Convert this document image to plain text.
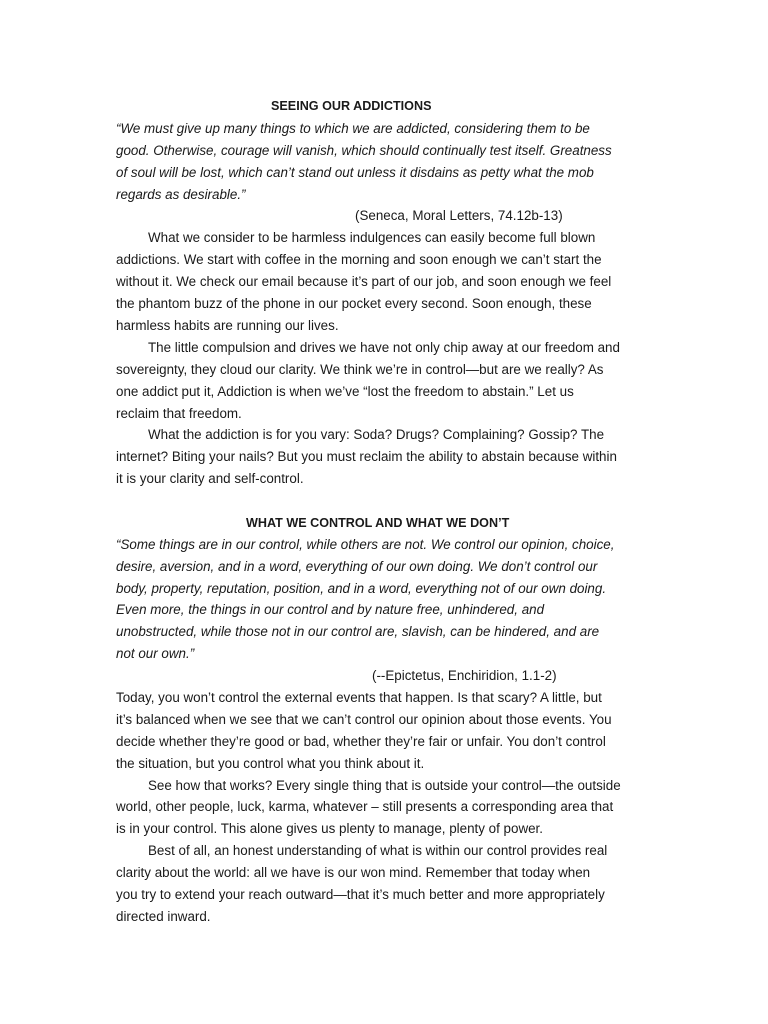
SEEING OUR ADDICTIONS

“We must give up many things to which we are addicted, considering them to be

good. Otherwise, courage will vanish, which should continually test itself. Greatness

of soul will be lost, which can’t stand out unless it disdains as petty what the mob

regards as desirable.”

(Seneca, Moral Letters, 74.12b-13)

What we consider to be harmless indulgences can easily become full blown

addictions. We start with coffee in the morning and soon enough we can’t start the

without it. We check our email because it’s part of our job, and soon enough we feel

the phantom buzz of the phone in our pocket every second. Soon enough, these

harmless habits are running our lives.

The little compulsion and drives we have not only chip away at our freedom and

sovereignty, they cloud our clarity. We think we’re in control—but are we really? As

one addict put it, Addiction is when we’ve “lost the freedom to abstain.” Let us

reclaim that freedom.

What the addiction is for you vary: Soda? Drugs? Complaining? Gossip? The

internet? Biting your nails? But you must reclaim the ability to abstain because within

it is your clarity and self-control.

WHAT WE CONTROL AND WHAT WE DON’T

“Some things are in our control, while others are not. We control our opinion, choice,

desire, aversion, and in a word, everything of our own doing. We don’t control our

body, property, reputation, position, and in a word, everything not of our own doing.

Even more, the things in our control and by nature free, unhindered, and

unobstructed, while those not in our control are, slavish, can be hindered, and are

not our own.”

(--Epictetus, Enchiridion, 1.1-2)

Today, you won’t control the external events that happen. Is that scary? A little, but

it’s balanced when we see that we can’t control our opinion about those events. You

decide whether they’re good or bad, whether they’re fair or unfair. You don’t control

the situation, but you control what you think about it.

See how that works? Every single thing that is outside your control—the outside

world, other people, luck, karma, whatever – still presents a corresponding area that

is in your control. This alone gives us plenty to manage, plenty of power.

Best of all, an honest understanding of what is within our control provides real

clarity about the world: all we have is our won mind. Remember that today when

you try to extend your reach outward—that it’s much better and more appropriately

directed inward.
